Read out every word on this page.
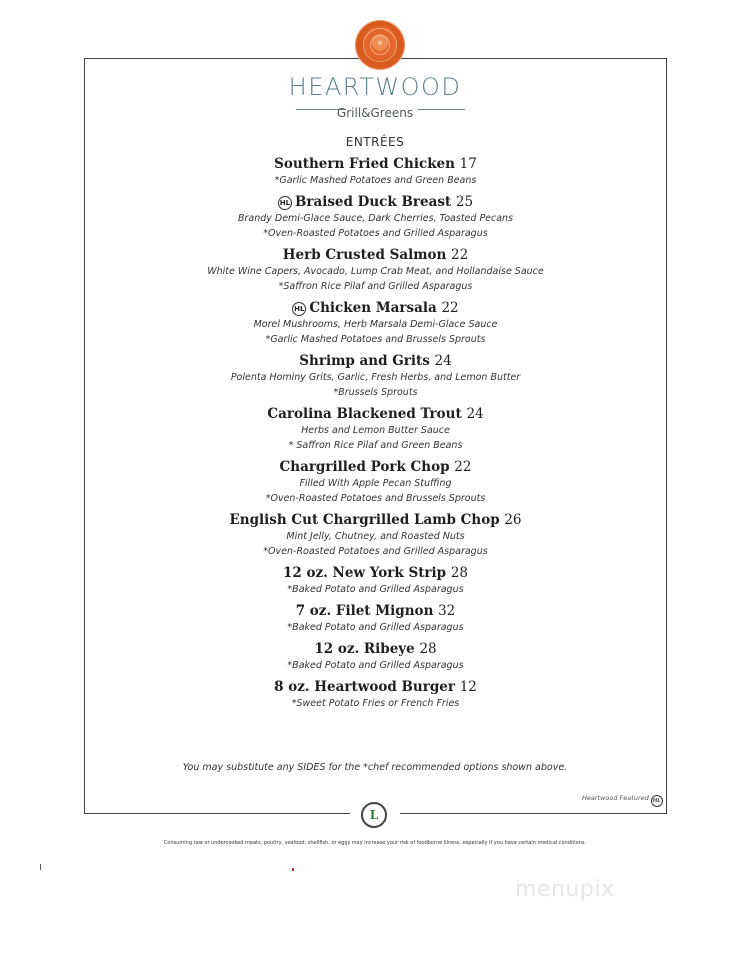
HEARTWOOD
Grill&Greens
ENTRÉES
Southern Fried Chicken 17
*Garlic Mashed Potatoes and Green Beans
HL Braised Duck Breast 25
Brandy Demi-Glace Sauce, Dark Cherries, Toasted Pecans
*Oven-Roasted Potatoes and Grilled Asparagus
Herb Crusted Salmon 22
White Wine Capers, Avocado, Lump Crab Meat, and Hollandaise Sauce
*Saffron Rice Pilaf and Grilled Asparagus
HL Chicken Marsala 22
Morel Mushrooms, Herb Marsala Demi-Glace Sauce
*Garlic Mashed Potatoes and Brussels Sprouts
Shrimp and Grits 24
Polenta Hominy Grits, Garlic, Fresh Herbs, and Lemon Butter
*Brussels Sprouts
Carolina Blackened Trout 24
Herbs and Lemon Butter Sauce
* Saffron Rice Pilaf and Green Beans
Chargrilled Pork Chop 22
Filled With Apple Pecan Stuffing
*Oven-Roasted Potatoes and Brussels Sprouts
English Cut Chargrilled Lamb Chop 26
Mint Jelly, Chutney, and Roasted Nuts
*Oven-Roasted Potatoes and Grilled Asparagus
12 oz. New York Strip 28
*Baked Potato and Grilled Asparagus
7 oz. Filet Mignon 32
*Baked Potato and Grilled Asparagus
12 oz. Ribeye 28
*Baked Potato and Grilled Asparagus
8 oz. Heartwood Burger 12
*Sweet Potato Fries or French Fries
You may substitute any SIDES for the *chef recommended options shown above.
Heartwood Featured HL
L
Consuming raw or undercooked meats, poultry, seafood, shellfish, or eggs may increase your risk of foodborne illness, especially if you have certain medical conditions.
menupix
